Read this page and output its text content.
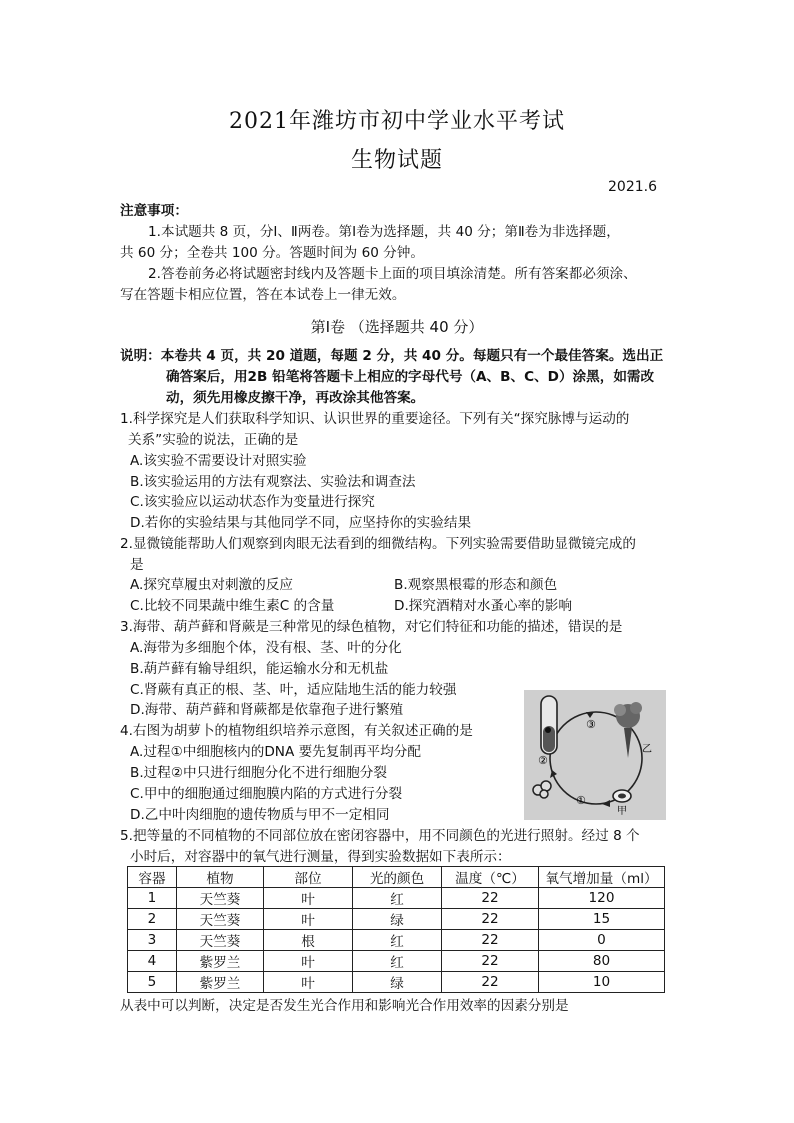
2021年潍坊市初中学业水平考试
生物试题
2021.6
注意事项：
1.本试题共 8 页，分Ⅰ、Ⅱ两卷。第Ⅰ卷为选择题，共 40 分；第Ⅱ卷为非选择题，
共 60 分；全卷共 100 分。答题时间为 60 分钟。
2.答卷前务必将试题密封线内及答题卡上面的项目填涂清楚。所有答案都必须涂、
写在答题卡相应位置，答在本试卷上一律无效。
第Ⅰ卷 （选择题共 40 分）
说明：本卷共 4 页，共 20 道题，每题 2 分，共 40 分。每题只有一个最佳答案。选出正
确答案后，用2B 铅笔将答题卡上相应的字母代号（A、B、C、D）涂黑，如需改
动，须先用橡皮擦干净，再改涂其他答案。
1.科学探究是人们获取科学知识、认识世界的重要途径。下列有关“探究脉博与运动的
关系”实验的说法，正确的是
A.该实验不需要设计对照实验
B.该实验运用的方法有观察法、实验法和调查法
C.该实验应以运动状态作为变量进行探究
D.若你的实验结果与其他同学不同，应坚持你的实验结果
2.显微镜能帮助人们观察到肉眼无法看到的细微结构。下列实验需要借助显微镜完成的
是
A.探究草履虫对刺激的反应	B.观察黑根霉的形态和颜色
C.比较不同果蔬中维生素C 的含量	D.探究酒精对水蚤心率的影响
3.海带、葫芦藓和肾蕨是三种常见的绿色植物，对它们特征和功能的描述，错误的是
A.海带为多细胞个体，没有根、茎、叶的分化
B.葫芦藓有输导组织，能运输水分和无机盐
C.肾蕨有真正的根、茎、叶，适应陆地生活的能力较强
D.海带、葫芦藓和肾蕨都是依靠孢子进行繁殖
4.右图为胡萝卜的植物组织培养示意图，有关叙述正确的是
A.过程①中细胞核内的DNA 要先复制再平均分配
B.过程②中只进行细胞分化不进行细胞分裂
C.甲中的细胞通过细胞膜内陷的方式进行分裂
D.乙中叶肉细胞的遗传物质与甲不一定相同
①
②
③
甲
乙
5.把等量的不同植物的不同部位放在密闭容器中，用不同颜色的光进行照射。经过 8 个
小时后，对容器中的氧气进行测量，得到实验数据如下表所示：
容器	植物	部位	光的颜色	温度（℃）	氧气增加量（ml）
1	天竺葵	叶	红	22	120
2	天竺葵	叶	绿	22	15
3	天竺葵	根	红	22	0
4	紫罗兰	叶	红	22	80
5	紫罗兰	叶	绿	22	10
从表中可以判断，决定是否发生光合作用和影响光合作用效率的因素分别是
